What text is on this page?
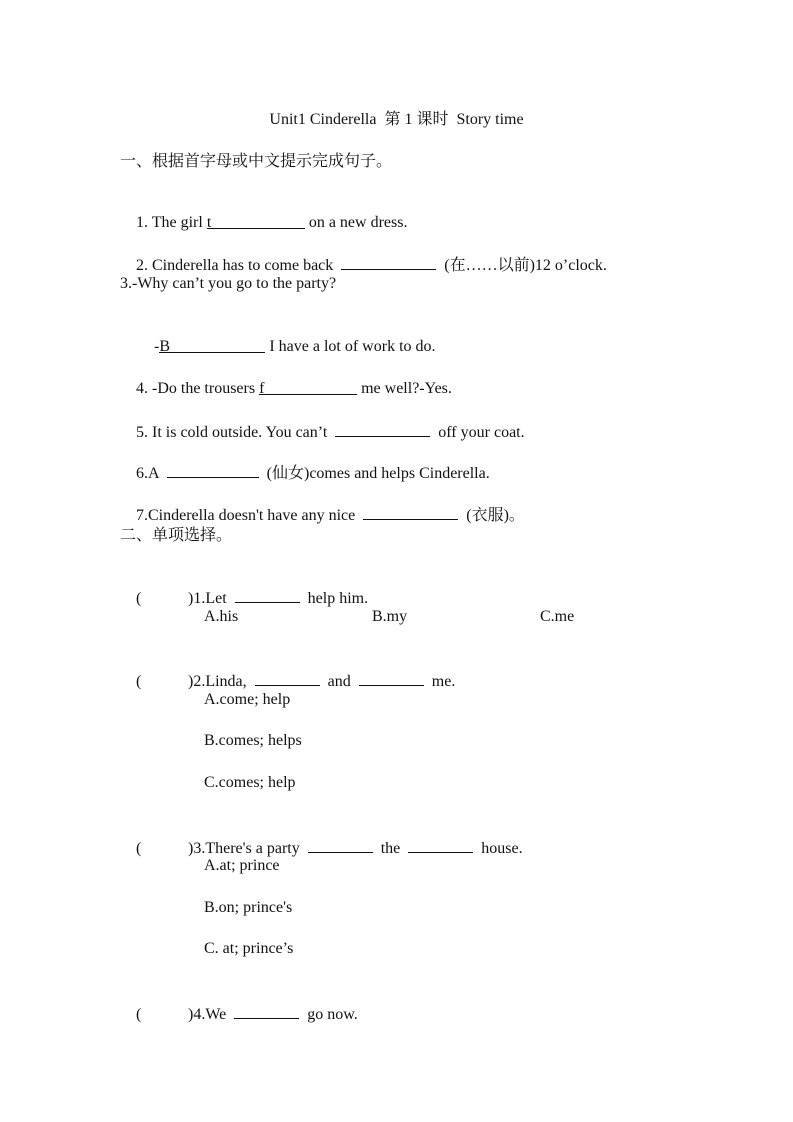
Unit1 Cinderella  第 1 课时  Story time
一、根据首字母或中文提示完成句子。

1. The girl t	on a new dress.

2. Cinderella has to come back	(在……以前)12 o’clock.

3.-Why can’t you go to the party?

-B	I have a lot of work to do.

4. -Do the trousers f	me well?-Yes.

5. It is cold outside. You can’t	off your coat.

6.A	(仙女)comes and helps Cinderella.

7.Cinderella doesn't have any nice	(衣服)。

二、单项选择。

(	)1.Let	help him.

A.his	B.my	C.me

(	)2.Linda,	and	me.

A.come; help
B.comes; helps
C.comes; help

(	)3.There's a party	the	house.

A.at; prince
B.on; prince's
C. at; prince’s

(	)4.We	go now.
